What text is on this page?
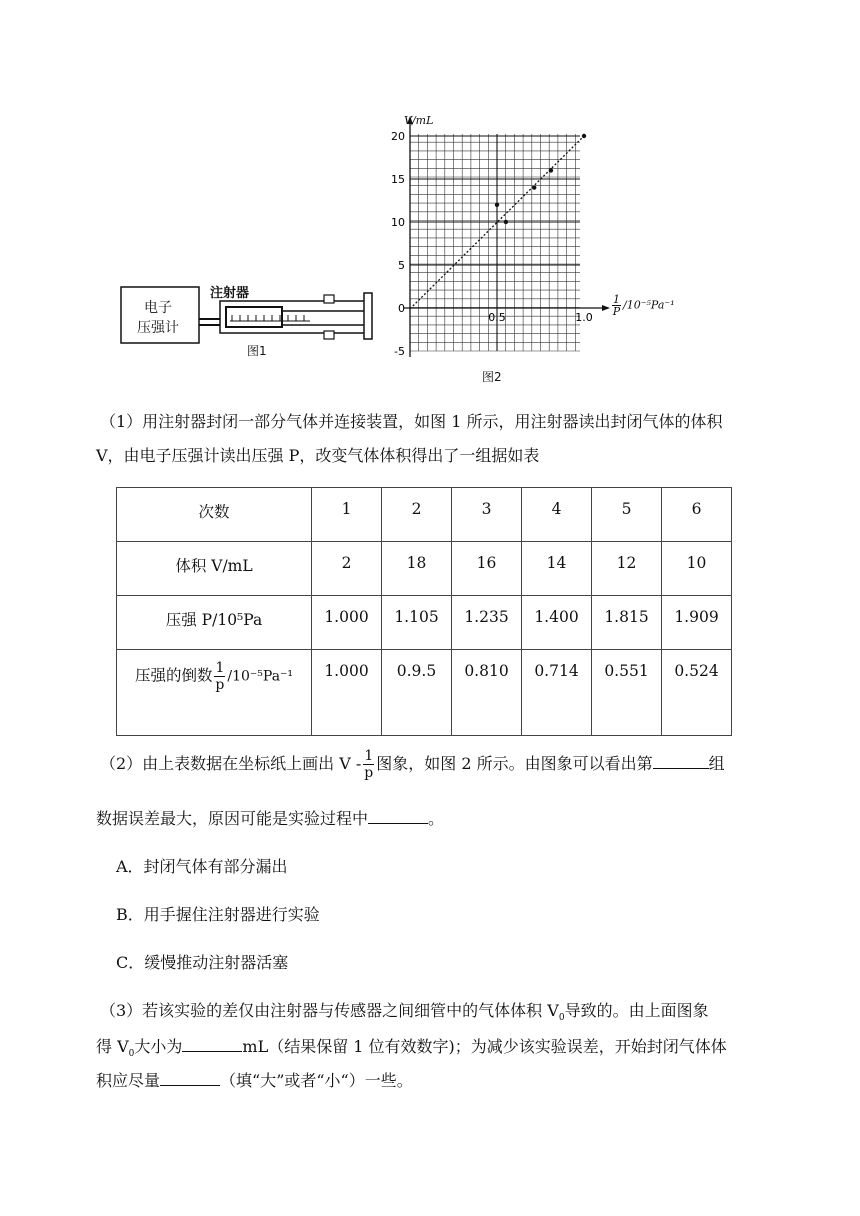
电子
压强计
注射器
图1
20
15
10
5
0
-5
0.5	1.0
V/mL
$\frac{1}{P} /10^{-5}Pa^{-1}$
图2
（1）用注射器封闭一部分气体并连接装置，如图 1 所示，用注射器读出封闭气体的体积
V，由电子压强计读出压强 P，改变气体体积得出了一组据如表
次数	1	2	3	4	5	6
体积 V/mL	2	18	16	14	12	10
压强 P/10⁵Pa	1.000	1.105	1.235	1.400	1.815	1.909
压强的倒数 $\frac{1}{p} /10^{-5}Pa^{-1}$	1.000	0.9.5	0.810	0.714	0.551	0.524
（2）由上表数据在坐标纸上画出 V - $\frac{1}{p}$ 图象，如图 2 所示。由图象可以看出第	组
数据误差最大，原因可能是实验过程中	。
A．封闭气体有部分漏出
B．用手握住注射器进行实验
C．缓慢推动注射器活塞
（3）若该实验的差仅由注射器与传感器之间细管中的气体体积 $V_0$导致的。由上面图象
得 $V_0$大小为	mL（结果保留 1 位有效数字)；为减少该实验误差，开始封闭气体体
积应尽量	（填“大”或者“小“）一些。
